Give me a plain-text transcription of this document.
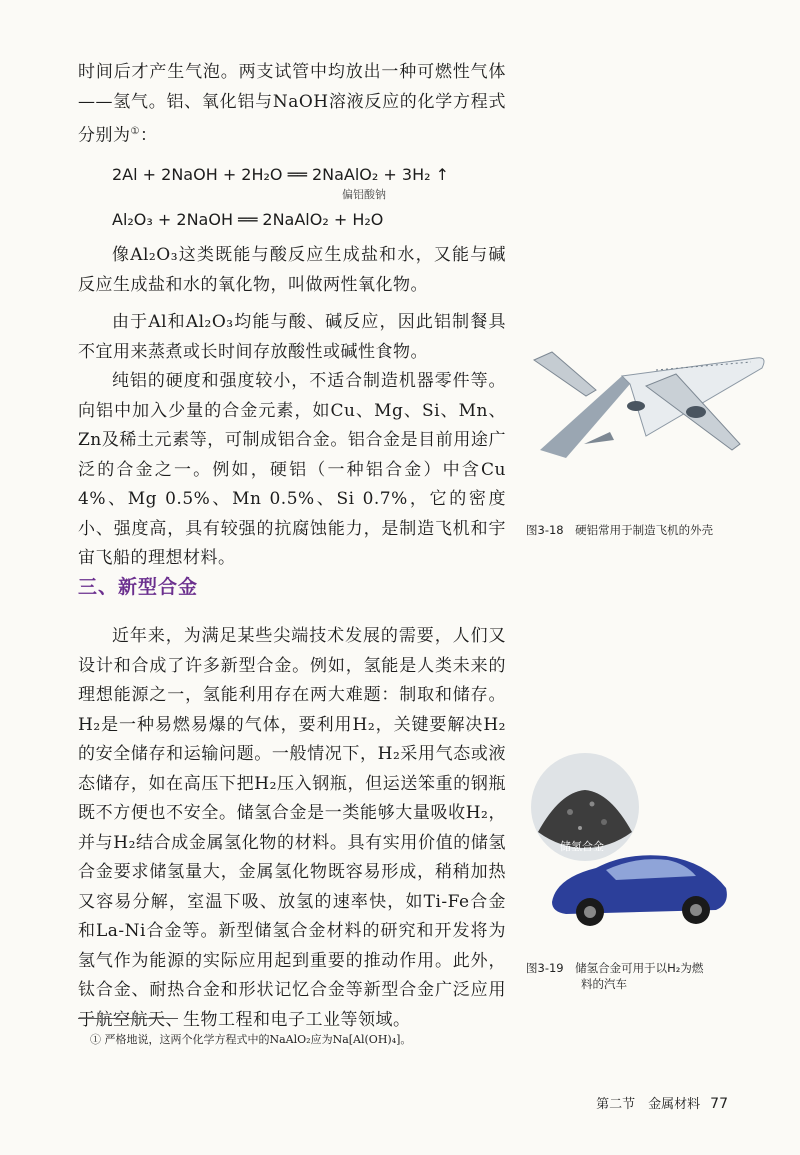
时间后才产生气泡。两支试管中均放出一种可燃性气体——氢气。铝、氧化铝与NaOH溶液反应的化学方程式分别为①：

2Al + 2NaOH + 2H₂O ══ 2NaAlO₂ + 3H₂ ↑

偏铝酸钠

Al₂O₃ + 2NaOH ══ 2NaAlO₂ + H₂O

像Al₂O₃这类既能与酸反应生成盐和水，又能与碱反应生成盐和水的氧化物，叫做两性氧化物。

由于Al和Al₂O₃均能与酸、碱反应，因此铝制餐具不宜用来蒸煮或长时间存放酸性或碱性食物。

纯铝的硬度和强度较小，不适合制造机器零件等。向铝中加入少量的合金元素，如Cu、Mg、Si、Mn、Zn及稀土元素等，可制成铝合金。铝合金是目前用途广泛的合金之一。例如，硬铝（一种铝合金）中含Cu 4%、Mg 0.5%、Mn 0.5%、Si 0.7%，它的密度小、强度高，具有较强的抗腐蚀能力，是制造飞机和宇宙飞船的理想材料。

三、新型合金

近年来，为满足某些尖端技术发展的需要，人们又设计和合成了许多新型合金。例如，氢能是人类未来的理想能源之一，氢能利用存在两大难题：制取和储存。H₂是一种易燃易爆的气体，要利用H₂，关键要解决H₂的安全储存和运输问题。一般情况下，H₂采用气态或液态储存，如在高压下把H₂压入钢瓶，但运送笨重的钢瓶既不方便也不安全。储氢合金是一类能够大量吸收H₂，并与H₂结合成金属氢化物的材料。具有实用价值的储氢合金要求储氢量大，金属氢化物既容易形成，稍稍加热又容易分解，室温下吸、放氢的速率快，如Ti-Fe合金和La-Ni合金等。新型储氢合金材料的研究和开发将为氢气作为能源的实际应用起到重要的推动作用。此外，钛合金、耐热合金和形状记忆合金等新型合金广泛应用于航空航天、生物工程和电子工业等领域。

图3-18　硬铝常用于制造飞机的外壳
储氢合金
图3-19　储氢合金可用于以H₂为燃
料的汽车
① 严格地说，这两个化学方程式中的NaAlO₂应为Na[Al(OH)₄]。
第二节　金属材料 77
